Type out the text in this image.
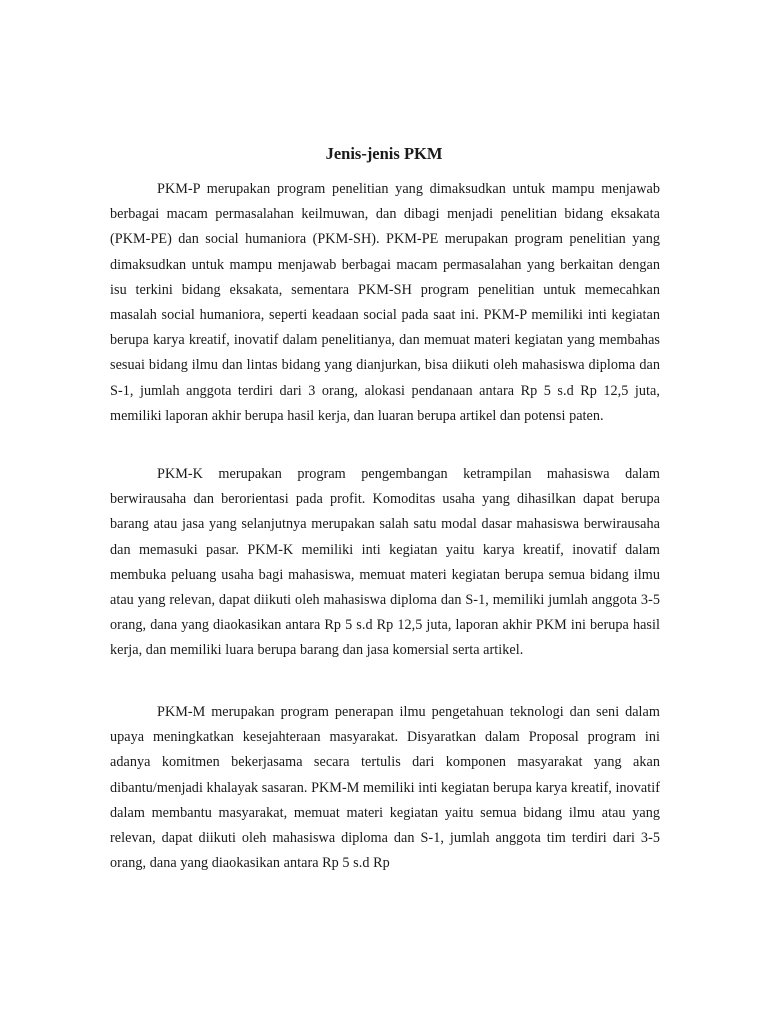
Jenis-jenis PKM

PKM-P merupakan program penelitian yang dimaksudkan untuk mampu menjawab berbagai macam permasalahan keilmuwan, dan dibagi menjadi penelitian bidang eksakata (PKM-PE) dan social humaniora (PKM-SH). PKM-PE merupakan program penelitian yang dimaksudkan untuk mampu menjawab berbagai macam permasalahan yang berkaitan dengan isu terkini bidang eksakata, sementara PKM-SH program penelitian untuk memecahkan masalah social humaniora, seperti keadaan social pada saat ini. PKM-P memiliki inti kegiatan berupa karya kreatif, inovatif dalam penelitianya, dan memuat materi kegiatan yang membahas sesuai bidang ilmu dan lintas bidang yang dianjurkan, bisa diikuti oleh mahasiswa diploma dan S-1, jumlah anggota terdiri dari 3 orang, alokasi pendanaan antara Rp 5 s.d Rp 12,5 juta, memiliki laporan akhir berupa hasil kerja, dan luaran berupa artikel dan potensi paten.

PKM-K merupakan program pengembangan ketrampilan mahasiswa dalam berwirausaha dan berorientasi pada profit. Komoditas usaha yang dihasilkan dapat berupa barang atau jasa yang selanjutnya merupakan salah satu modal dasar mahasiswa berwirausaha dan memasuki pasar. PKM-K memiliki inti kegiatan yaitu karya kreatif, inovatif dalam membuka peluang usaha bagi mahasiswa, memuat materi kegiatan berupa semua bidang ilmu atau yang relevan, dapat diikuti oleh mahasiswa diploma dan S-1, memiliki jumlah anggota 3-5 orang, dana yang diaokasikan antara Rp 5 s.d Rp 12,5 juta, laporan akhir PKM ini berupa hasil kerja, dan memiliki luara berupa barang dan jasa komersial serta artikel.

PKM-M merupakan program penerapan ilmu pengetahuan teknologi dan seni dalam upaya meningkatkan kesejahteraan masyarakat. Disyaratkan dalam Proposal program ini adanya komitmen bekerjasama secara tertulis dari komponen masyarakat yang akan dibantu/menjadi khalayak sasaran. PKM-M memiliki inti kegiatan berupa karya kreatif, inovatif dalam membantu masyarakat, memuat materi kegiatan yaitu semua bidang ilmu atau yang relevan, dapat diikuti oleh mahasiswa diploma dan S-1, jumlah anggota tim terdiri dari 3-5 orang, dana yang diaokasikan antara Rp 5 s.d Rp
